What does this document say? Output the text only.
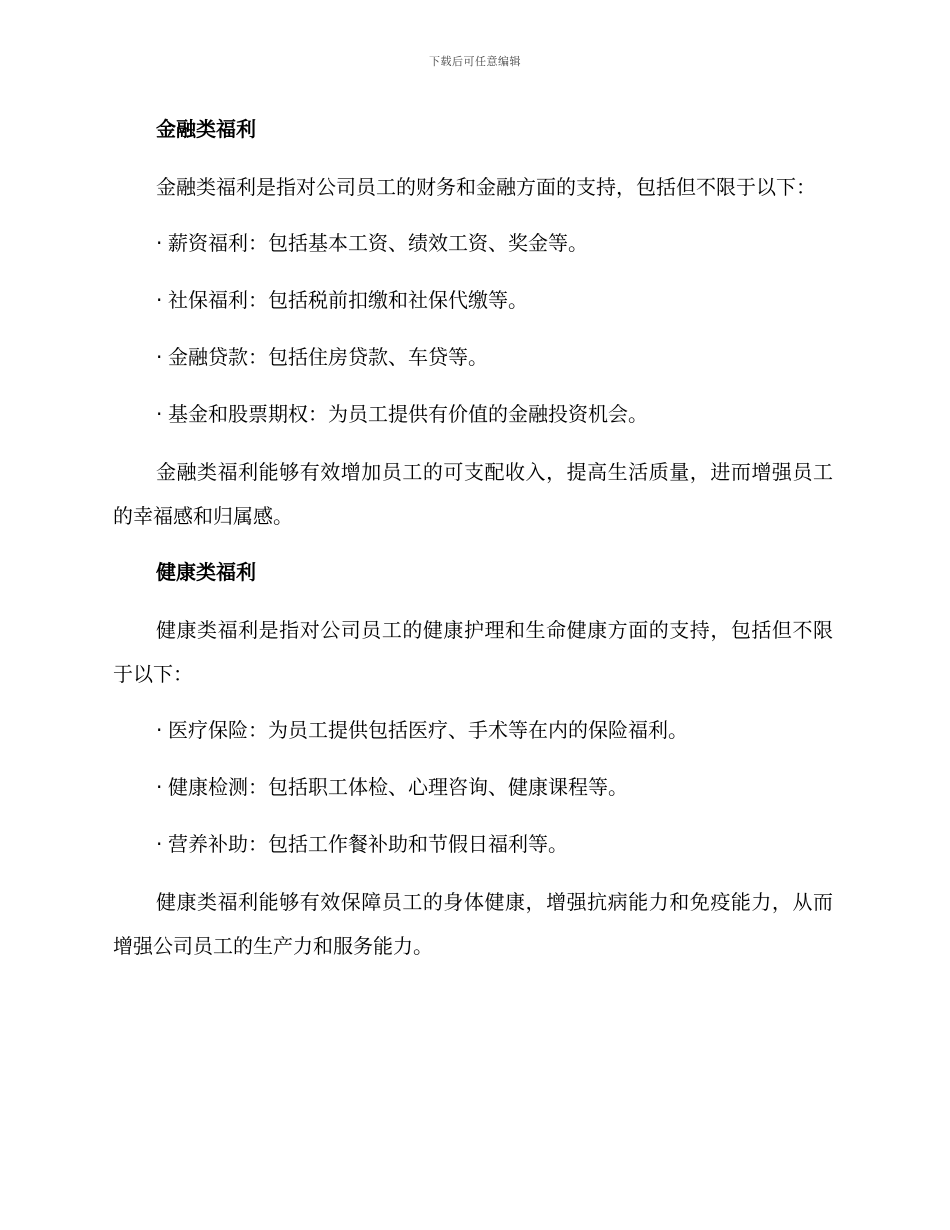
下载后可任意编辑
金融类福利
金融类福利是指对公司员工的财务和金融方面的支持，包括但不限于以下：
· 薪资福利：包括基本工资、绩效工资、奖金等。
· 社保福利：包括税前扣缴和社保代缴等。
· 金融贷款：包括住房贷款、车贷等。
· 基金和股票期权：为员工提供有价值的金融投资机会。
金融类福利能够有效增加员工的可支配收入，提高生活质量，进而增强员工的幸福感和归属感。
健康类福利
健康类福利是指对公司员工的健康护理和生命健康方面的支持，包括但不限于以下：
· 医疗保险：为员工提供包括医疗、手术等在内的保险福利。
· 健康检测：包括职工体检、心理咨询、健康课程等。
· 营养补助：包括工作餐补助和节假日福利等。
健康类福利能够有效保障员工的身体健康，增强抗病能力和免疫能力，从而增强公司员工的生产力和服务能力。
